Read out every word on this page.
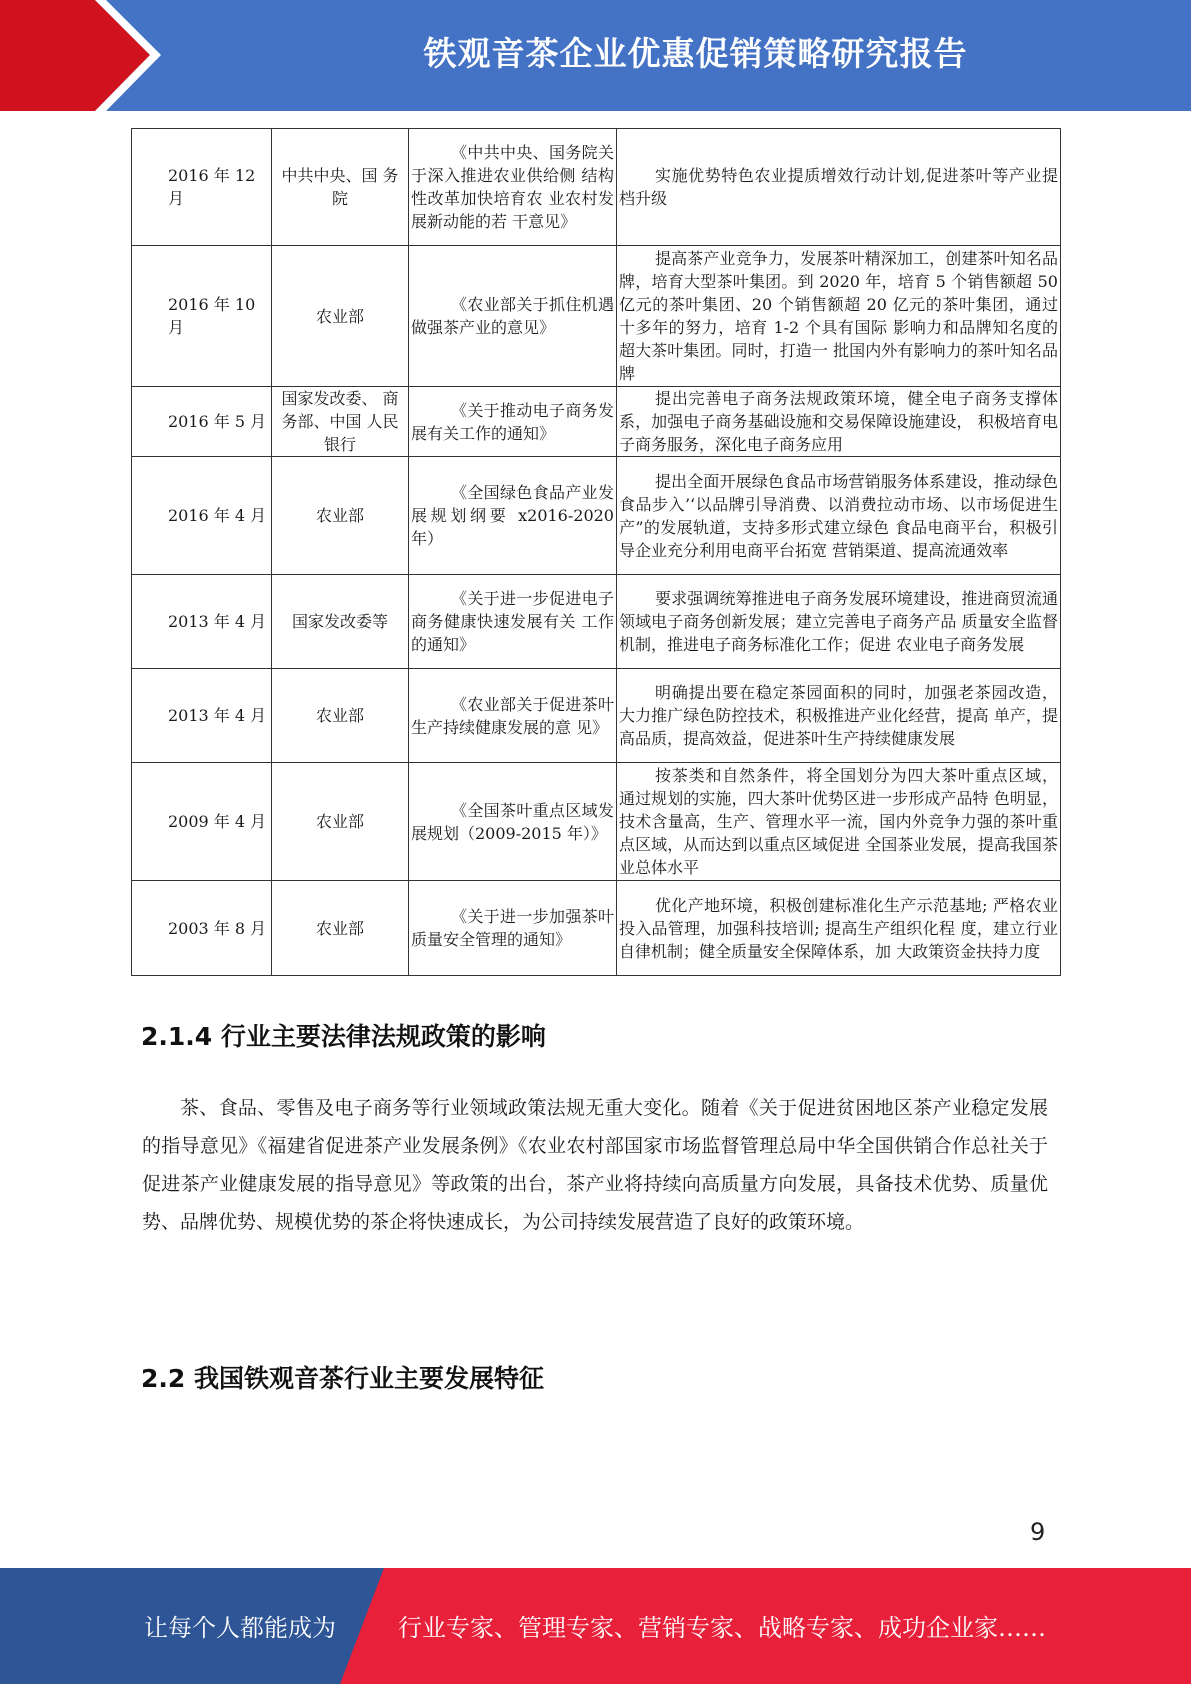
铁观音茶企业优惠促销策略研究报告
2016 年 12 月	中共中央、国 务院	《中共中央、国务院关 于深入推进农业供给侧 结构性改革加快培育农 业农村发展新动能的若 干意见》	实施优势特色农业提质增效行动计划,促进茶叶等产业提档升级
2016 年 10 月	农业部	《农业部关于抓住机遇 做强茶产业的意见》	提高茶产业竞争力，发展茶叶精深加工，创建茶叶知名品牌，培育大型茶叶集团。到 2020 年，培育 5 个销售额超 50 亿元的茶叶集团、20 个销售额超 20 亿元的茶叶集团，通过十多年的努力，培育 1-2 个具有国际 影响力和品牌知名度的超大茶叶集团。同时，打造一 批国内外有影响力的茶叶知名品牌
2016 年 5 月	国家发改委、 商务部、中国 人民银行	《关于推动电子商务发 展有关工作的通知》	提出完善电子商务法规政策环境，健全电子商务支撑体系，加强电子商务基础设施和交易保障设施建设， 积极培育电子商务服务，深化电子商务应用
2016 年 4 月	农业部	《全国绿色食品产业发 展规划纲要 x2016-2020 年）	提出全面开展绿色食品市场营销服务体系建设，推动绿色食品步入’‘以品牌引导消费、以消费拉动市场、以市场促进生产”的发展轨道，支持多形式建立绿色 食品电商平台，积极引导企业充分利用电商平台拓宽 营销渠道、提高流通效率
2013 年 4 月	国家发改委等	《关于进一步促进电子 商务健康快速发展有关 工作的通知》	要求强调统筹推进电子商务发展环境建设，推进商贸流通领域电子商务创新发展；建立完善电子商务产品 质量安全监督机制，推进电子商务标准化工作；促进 农业电子商务发展
2013 年 4 月	农业部	《农业部关于促进茶叶 生产持续健康发展的意 见》	明确提出要在稳定茶园面积的同时，加强老茶园改造， 大力推广绿色防控技术，积极推进产业化经营，提高 单产，提高品质，提高效益，促进茶叶生产持续健康发展
2009 年 4 月	农业部	《全国茶叶重点区域发 展规划（2009-2015 年）》	按茶类和自然条件，将全国划分为四大茶叶重点区域， 通过规划的实施，四大茶叶优势区进一步形成产品特 色明显，技术含量高，生产、管理水平一流，国内外竞争力强的茶叶重点区域，从而达到以重点区域促进 全国茶业发展，提高我国茶业总体水平
2003 年 8 月	农业部	《关于进一步加强茶叶 质量安全管理的通知》	优化产地环境，积极创建标准化生产示范基地; 严格农业投入品管理，加强科技培训; 提高生产组织化程 度，建立行业自律机制；健全质量安全保障体系，加 大政策资金扶持力度
2.1.4 行业主要法律法规政策的影响

茶、食品、零售及电子商务等行业领域政策法规无重大变化。随着《关于促进贫困地区茶产业稳定发展的指导意见》《福建省促进茶产业发展条例》《农业农村部国家市场监督管理总局中华全国供销合作总社关于促进茶产业健康发展的指导意见》等政策的出台，茶产业将持续向高质量方向发展，具备技术优势、质量优势、品牌优势、规模优势的茶企将快速成长，为公司持续发展营造了良好的政策环境。

2.2 我国铁观音茶行业主要发展特征
9
让每个人都能成为	行业专家、管理专家、营销专家、战略专家、成功企业家……
